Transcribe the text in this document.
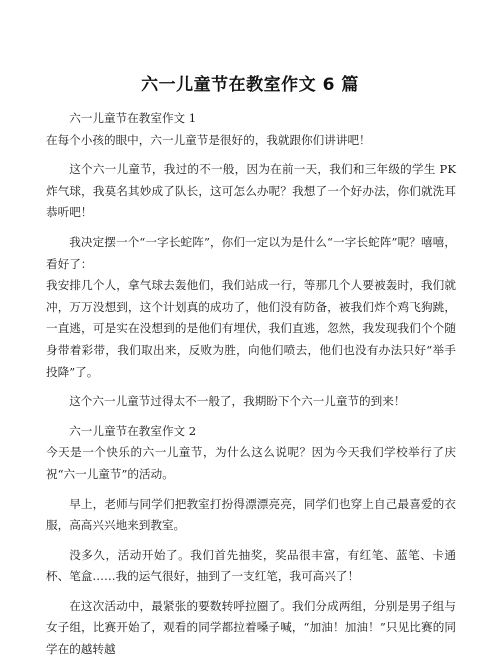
六一儿童节在教室作文 6 篇

六一儿童节在教室作文 1

在每个小孩的眼中，六一儿童节是很好的，我就跟你们讲讲吧！

这个六一儿童节，我过的不一般，因为在前一天，我们和三年级的学生 PK 炸气球，我莫名其妙成了队长，这可怎么办呢？我想了一个好办法，你们就洗耳恭听吧！

我决定摆一个“一字长蛇阵”，你们一定以为是什么“一字长蛇阵”呢？嘻嘻，看好了：

我安排几个人，拿气球去轰他们，我们站成一行，等那几个人要被轰时，我们就冲，万万没想到，这个计划真的成功了，他们没有防备，被我们炸个鸡飞狗跳，一直逃，可是实在没想到的是他们有埋伏，我们直逃，忽然，我发现我们个个随身带着彩带，我们取出来，反败为胜，向他们喷去，他们也没有办法只好“举手投降”了。

这个六一儿童节过得太不一般了，我期盼下个六一儿童节的到来！

六一儿童节在教室作文 2

今天是一个快乐的六一儿童节，为什么这么说呢？因为今天我们学校举行了庆祝“六一儿童节”的活动。

早上，老师与同学们把教室打扮得漂漂亮亮，同学们也穿上自己最喜爱的衣服，高高兴兴地来到教室。

没多久，活动开始了。我们首先抽奖，奖品很丰富，有红笔、蓝笔、卡通杯、笔盒……我的运气很好，抽到了一支红笔，我可高兴了！

在这次活动中，最紧张的要数转呼拉圈了。我们分成两组，分别是男子组与女子组，比赛开始了，观看的同学都拉着嗓子喊，“加油！加油！”只见比赛的同学在的越转越
